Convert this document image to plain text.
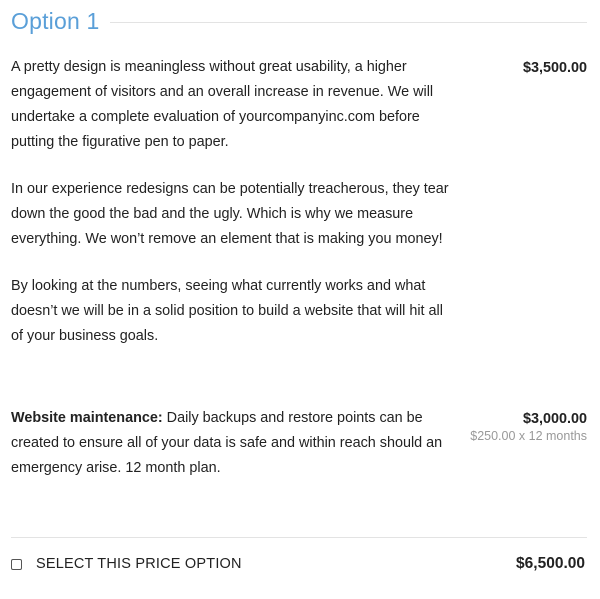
Option 1

A pretty design is meaningless without great usability, a higher engagement of visitors and an overall increase in revenue. We will undertake a complete evaluation of yourcompanyinc.com before putting the figurative pen to paper.

In our experience redesigns can be potentially treacherous, they tear down the good the bad and the ugly. Which is why we measure everything. We won’t remove an element that is making you money!

By looking at the numbers, seeing what currently works and what doesn’t we will be in a solid position to build a website that will hit all of your business goals.

$3,500.00

Website maintenance: Daily backups and restore points can be created to ensure all of your data is safe and within reach should an emergency arise. 12 month plan.

$3,000.00
$250.00 x 12 months
SELECT THIS PRICE OPTION	$6,500.00
